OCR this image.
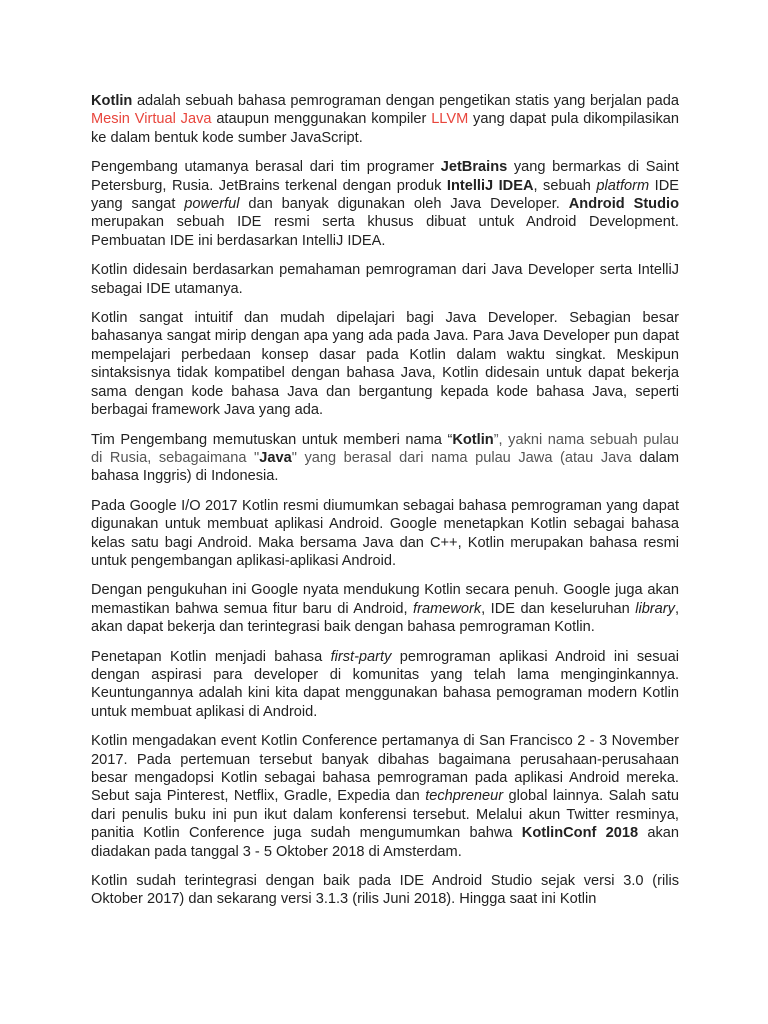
Kotlin adalah sebuah bahasa pemrograman dengan pengetikan statis yang berjalan pada Mesin Virtual Java ataupun menggunakan kompiler LLVM yang dapat pula dikompilasikan ke dalam bentuk kode sumber JavaScript.

Pengembang utamanya berasal dari tim programer JetBrains yang bermarkas di Saint Petersburg, Rusia. JetBrains terkenal dengan produk IntelliJ IDEA, sebuah platform IDE yang sangat powerful dan banyak digunakan oleh Java Developer. Android Studio merupakan sebuah IDE resmi serta khusus dibuat untuk Android Development. Pembuatan IDE ini berdasarkan IntelliJ IDEA.

Kotlin didesain berdasarkan pemahaman pemrograman dari Java Developer serta IntelliJ sebagai IDE utamanya.

Kotlin sangat intuitif dan mudah dipelajari bagi Java Developer. Sebagian besar bahasanya sangat mirip dengan apa yang ada pada Java. Para Java Developer pun dapat mempelajari perbedaan konsep dasar pada Kotlin dalam waktu singkat. Meskipun sintaksisnya tidak kompatibel dengan bahasa Java, Kotlin didesain untuk dapat bekerja sama dengan kode bahasa Java dan bergantung kepada kode bahasa Java, seperti berbagai framework Java yang ada.

Tim Pengembang memutuskan untuk memberi nama “Kotlin”, yakni nama sebuah pulau di Rusia, sebagaimana "Java" yang berasal dari nama pulau Jawa (atau Java dalam bahasa Inggris) di Indonesia.

Pada Google I/O 2017 Kotlin resmi diumumkan sebagai bahasa pemrograman yang dapat digunakan untuk membuat aplikasi Android. Google menetapkan Kotlin sebagai bahasa kelas satu bagi Android. Maka bersama Java dan C++, Kotlin merupakan bahasa resmi untuk pengembangan aplikasi-aplikasi Android.

Dengan pengukuhan ini Google nyata mendukung Kotlin secara penuh. Google juga akan memastikan bahwa semua fitur baru di Android, framework, IDE dan keseluruhan library, akan dapat bekerja dan terintegrasi baik dengan bahasa pemrograman Kotlin.

Penetapan Kotlin menjadi bahasa first-party pemrograman aplikasi Android ini sesuai dengan aspirasi para developer di komunitas yang telah lama menginginkannya. Keuntungannya adalah kini kita dapat menggunakan bahasa pemograman modern Kotlin untuk membuat aplikasi di Android.

Kotlin mengadakan event Kotlin Conference pertamanya di San Francisco 2 - 3 November 2017. Pada pertemuan tersebut banyak dibahas bagaimana perusahaan-perusahaan besar mengadopsi Kotlin sebagai bahasa pemrograman pada aplikasi Android mereka. Sebut saja Pinterest, Netflix, Gradle, Expedia dan techpreneur global lainnya. Salah satu dari penulis buku ini pun ikut dalam konferensi tersebut. Melalui akun Twitter resminya, panitia Kotlin Conference juga sudah mengumumkan bahwa KotlinConf 2018 akan diadakan pada tanggal 3 - 5 Oktober 2018 di Amsterdam.

Kotlin sudah terintegrasi dengan baik pada IDE Android Studio sejak versi 3.0 (rilis Oktober 2017) dan sekarang versi 3.1.3 (rilis Juni 2018). Hingga saat ini Kotlin
